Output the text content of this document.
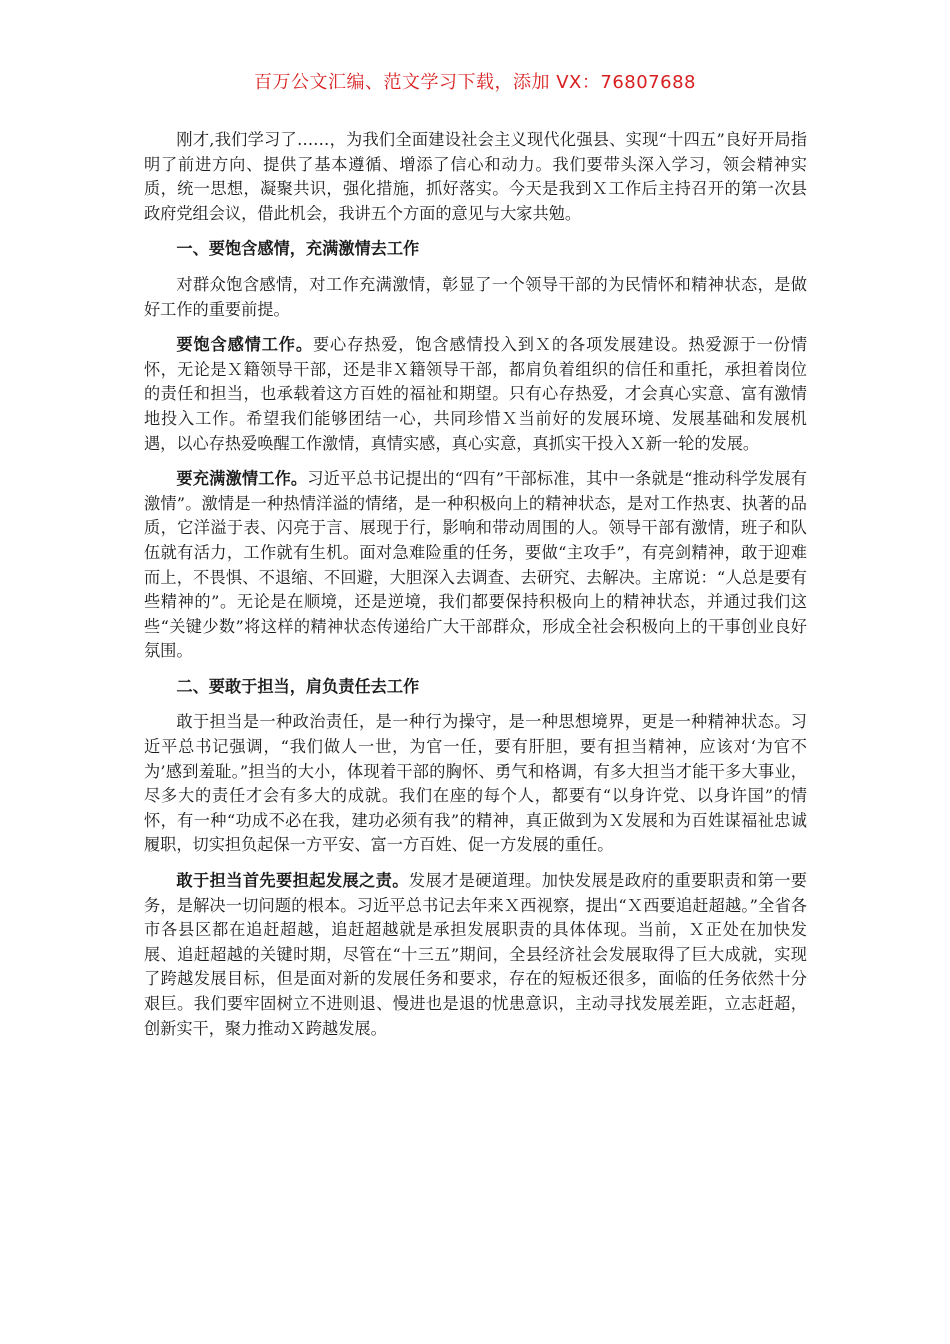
百万公文汇编、范文学习下载，添加 VX：76807688

刚才,我们学习了……，为我们全面建设社会主义现代化强县、实现“十四五”良好开局指明了前进方向、提供了基本遵循、增添了信心和动力。我们要带头深入学习，领会精神实质，统一思想，凝聚共识，强化措施，抓好落实。今天是我到Ｘ工作后主持召开的第一次县政府党组会议，借此机会，我讲五个方面的意见与大家共勉。

一、要饱含感情，充满激情去工作

对群众饱含感情，对工作充满激情，彰显了一个领导干部的为民情怀和精神状态，是做好工作的重要前提。

要饱含感情工作。要心存热爱，饱含感情投入到Ｘ的各项发展建设。热爱源于一份情怀，无论是Ｘ籍领导干部，还是非Ｘ籍领导干部，都肩负着组织的信任和重托，承担着岗位的责任和担当，也承载着这方百姓的福祉和期望。只有心存热爱，才会真心实意、富有激情地投入工作。希望我们能够团结一心，共同珍惜Ｘ当前好的发展环境、发展基础和发展机遇，以心存热爱唤醒工作激情，真情实感，真心实意，真抓实干投入Ｘ新一轮的发展。

要充满激情工作。习近平总书记提出的“四有”干部标准，其中一条就是“推动科学发展有激情”。激情是一种热情洋溢的情绪，是一种积极向上的精神状态，是对工作热衷、执著的品质，它洋溢于表、闪亮于言、展现于行，影响和带动周围的人。领导干部有激情，班子和队伍就有活力，工作就有生机。面对急难险重的任务，要做“主攻手”，有亮剑精神，敢于迎难而上，不畏惧、不退缩、不回避，大胆深入去调查、去研究、去解决。主席说：“人总是要有些精神的”。无论是在顺境，还是逆境，我们都要保持积极向上的精神状态，并通过我们这些“关键少数”将这样的精神状态传递给广大干部群众，形成全社会积极向上的干事创业良好氛围。

二、要敢于担当，肩负责任去工作

敢于担当是一种政治责任，是一种行为操守，是一种思想境界，更是一种精神状态。习近平总书记强调，“我们做人一世，为官一任，要有肝胆，要有担当精神，应该对‘为官不为’感到羞耻。”担当的大小，体现着干部的胸怀、勇气和格调，有多大担当才能干多大事业，尽多大的责任才会有多大的成就。我们在座的每个人，都要有“以身许党、以身许国”的情怀，有一种“功成不必在我，建功必须有我”的精神，真正做到为Ｘ发展和为百姓谋福祉忠诚履职，切实担负起保一方平安、富一方百姓、促一方发展的重任。

敢于担当首先要担起发展之责。发展才是硬道理。加快发展是政府的重要职责和第一要务，是解决一切问题的根本。习近平总书记去年来Ｘ西视察，提出“Ｘ西要追赶超越。”全省各市各县区都在追赶超越，追赶超越就是承担发展职责的具体体现。当前，Ｘ正处在加快发展、追赶超越的关键时期，尽管在“十三五”期间，全县经济社会发展取得了巨大成就，实现了跨越发展目标，但是面对新的发展任务和要求，存在的短板还很多，面临的任务依然十分艰巨。我们要牢固树立不进则退、慢进也是退的忧患意识，主动寻找发展差距，立志赶超，创新实干，聚力推动Ｘ跨越发展。
